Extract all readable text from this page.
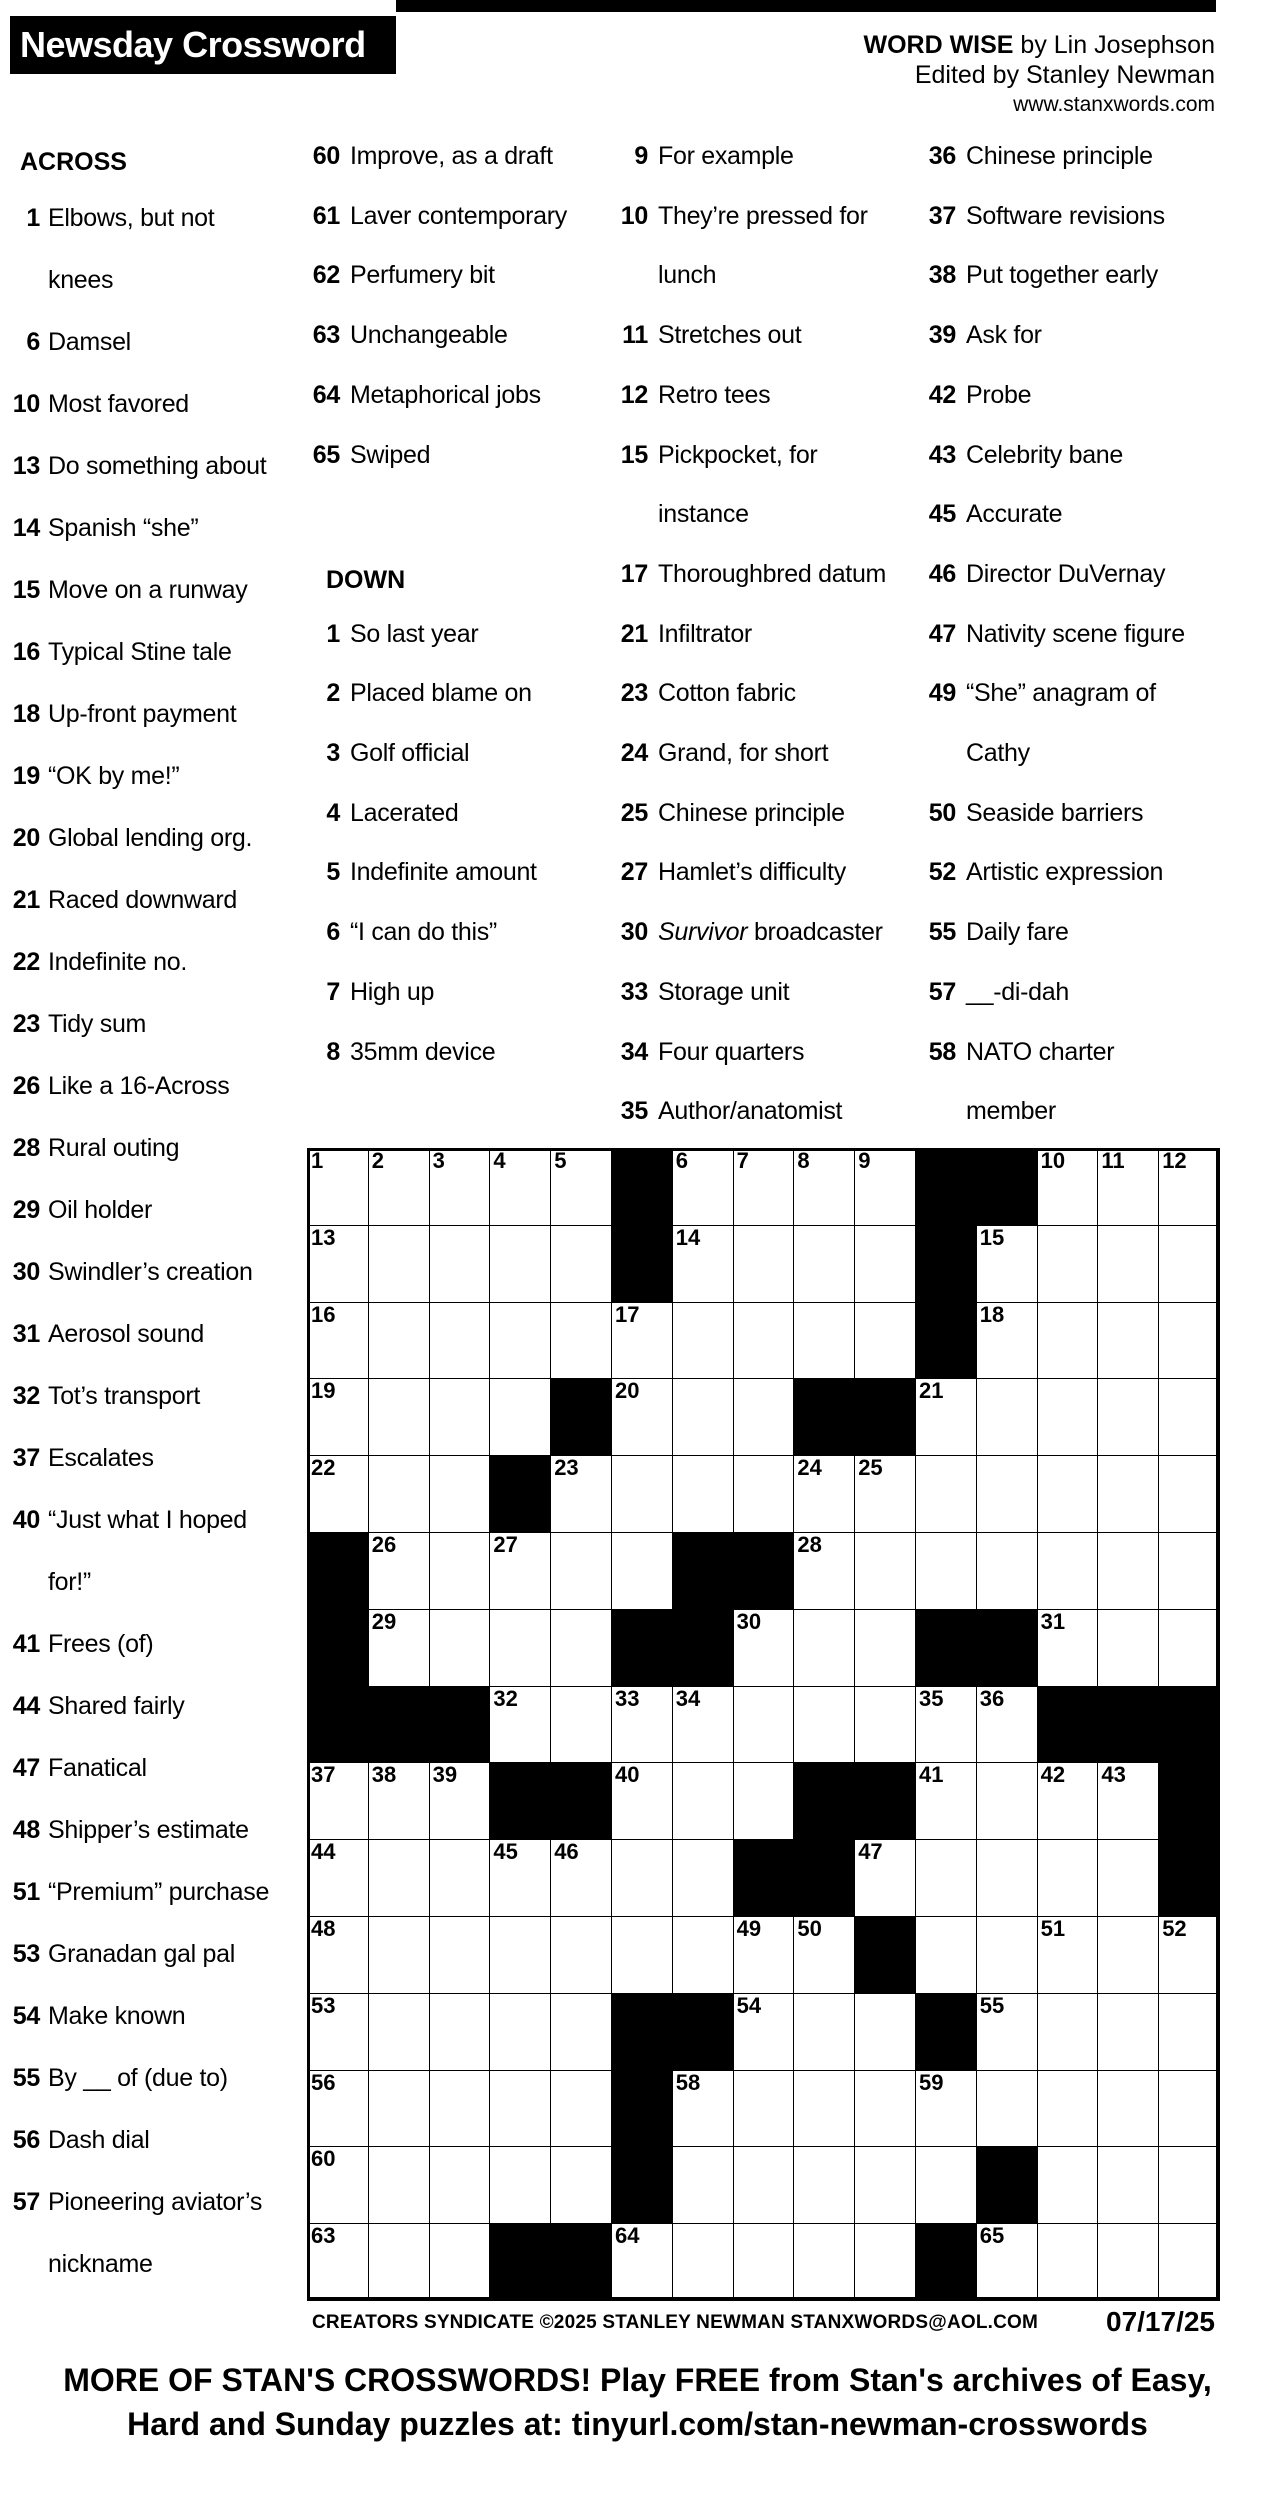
Newsday Crossword	WORD WISE by Lin Josephson
Edited by Stanley Newman
www.stanxwords.com
ACROSS
1 Elbows, but not
knees
6 Damsel
10 Most favored
13 Do something about
14 Spanish “she”
15 Move on a runway
16 Typical Stine tale
18 Up-front payment
19 “OK by me!”
20 Global lending org.
21 Raced downward
22 Indefinite no.
23 Tidy sum
26 Like a 16-Across
28 Rural outing
29 Oil holder
30 Swindler’s creation
31 Aerosol sound
32 Tot’s transport
37 Escalates
40 “Just what I hoped
for!”
41 Frees (of)
44 Shared fairly
47 Fanatical
48 Shipper’s estimate
51 “Premium” purchase
53 Granadan gal pal
54 Make known
55 By __ of (due to)
56 Dash dial
57 Pioneering aviator’s
nickname
60 Improve, as a draft
61 Laver contemporary
62 Perfumery bit
63 Unchangeable
64 Metaphorical jobs
65 Swiped
DOWN
1 So last year
2 Placed blame on
3 Golf official
4 Lacerated
5 Indefinite amount
6 “I can do this”
7 High up
8 35mm device
9 For example
10 They’re pressed for
lunch
11 Stretches out
12 Retro tees
15 Pickpocket, for
instance
17 Thoroughbred datum
21 Infiltrator
23 Cotton fabric
24 Grand, for short
25 Chinese principle
27 Hamlet’s difficulty
30 Survivor broadcaster
33 Storage unit
34 Four quarters
35 Author/anatomist
36 Chinese principle
37 Software revisions
38 Put together early
39 Ask for
42 Probe
43 Celebrity bane
45 Accurate
46 Director DuVernay
47 Nativity scene figure
49 “She” anagram of
Cathy
50 Seaside barriers
52 Artistic expression
55 Daily fare
57 __-di-dah
58 NATO charter
member
1 2 3 4 5	6 7 8 9	10 11 12
13	14	15
16	17	18
19	20	21
22	23	24 25
26	27	28
29	30	31
32	33 34	35 36
37 38 39	40	41	42 43
44	45 46	47
48	49 50	51	52
53	54	55
56	58	59
60
63	64	65
CREATORS SYNDICATE ©2025 STANLEY NEWMAN STANXWORDS@AOL.COM 07/17/25
MORE OF STAN'S CROSSWORDS! Play FREE from Stan's archives of Easy,
Hard and Sunday puzzles at: tinyurl.com/stan-newman-crosswords
